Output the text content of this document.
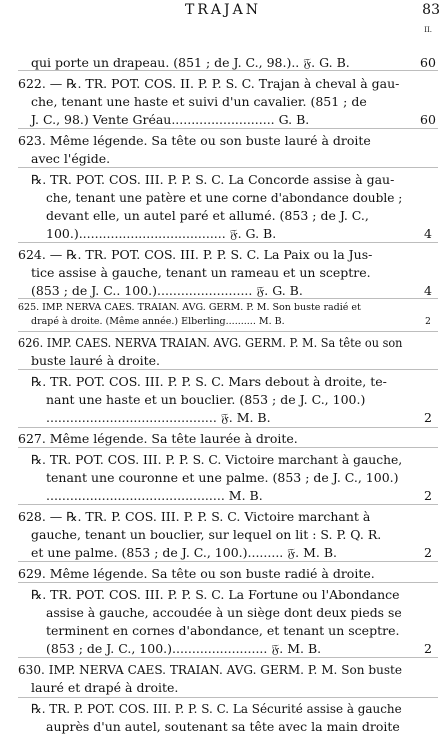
TRAJAN	83
II.
qui porte un drapeau. (851 ; de J. C., 98.).. 𝔉. G. B.	60
622. — ℞. TR. POT. COS. II. P. P. S. C. Trajan à cheval à gau-
che, tenant une haste et suivi d'un cavalier. (851 ; de
J. C., 98.) Vente Gréau.......................... G. B.	60
623. Même légende. Sa tête ou son buste lauré à droite
avec l'égide.
℞. TR. POT. COS. III. P. P. S. C. La Concorde assise à gau-
che, tenant une patère et une corne d'abondance double ;
devant elle, un autel paré et allumé. (853 ; de J. C.,
100.)..................................... 𝔉. G. B.	4
624. — ℞. TR. POT. COS. III. P. P. S. C. La Paix ou la Jus-
tice assise à gauche, tenant un rameau et un sceptre.
(853 ; de J. C.. 100.)........................ 𝔉. G. B.	4
625. IMP. NERVA CAES. TRAIAN. AVG. GERM. P. M. Son buste radié et
drapé à droite. (Même année.) Elberling.......... M. B.	2
626. IMP. CAES. NERVA TRAIAN. AVG. GERM. P. M. Sa tête ou son
buste lauré à droite.
℞. TR. POT. COS. III. P. P. S. C. Mars debout à droite, te-
nant une haste et un bouclier. (853 ; de J. C., 100.)
........................................... 𝔉. M. B.	2
627. Même légende. Sa tête laurée à droite.
℞. TR. POT. COS. III. P. P. S. C. Victoire marchant à gauche,
tenant une couronne et une palme. (853 ; de J. C., 100.)
............................................. M. B.	2
628. — ℞. TR. P. COS. III. P. P. S. C. Victoire marchant à
gauche, tenant un bouclier, sur lequel on lit : S. P. Q. R.
et une palme. (853 ; de J. C., 100.)......... 𝔉. M. B.	2
629. Même légende. Sa tête ou son buste radié à droite.
℞. TR. POT. COS. III. P. P. S. C. La Fortune ou l'Abondance
assise à gauche, accoudée à un siège dont deux pieds se
terminent en cornes d'abondance, et tenant un sceptre.
(853 ; de J. C., 100.)........................ 𝔉. M. B.	2
630. IMP. NERVA CAES. TRAIAN. AVG. GERM. P. M. Son buste
lauré et drapé à droite.
℞. TR. P. POT. COS. III. P. P. S. C. La Sécurité assise à gauche
auprès d'un autel, soutenant sa tête avec la main droite
